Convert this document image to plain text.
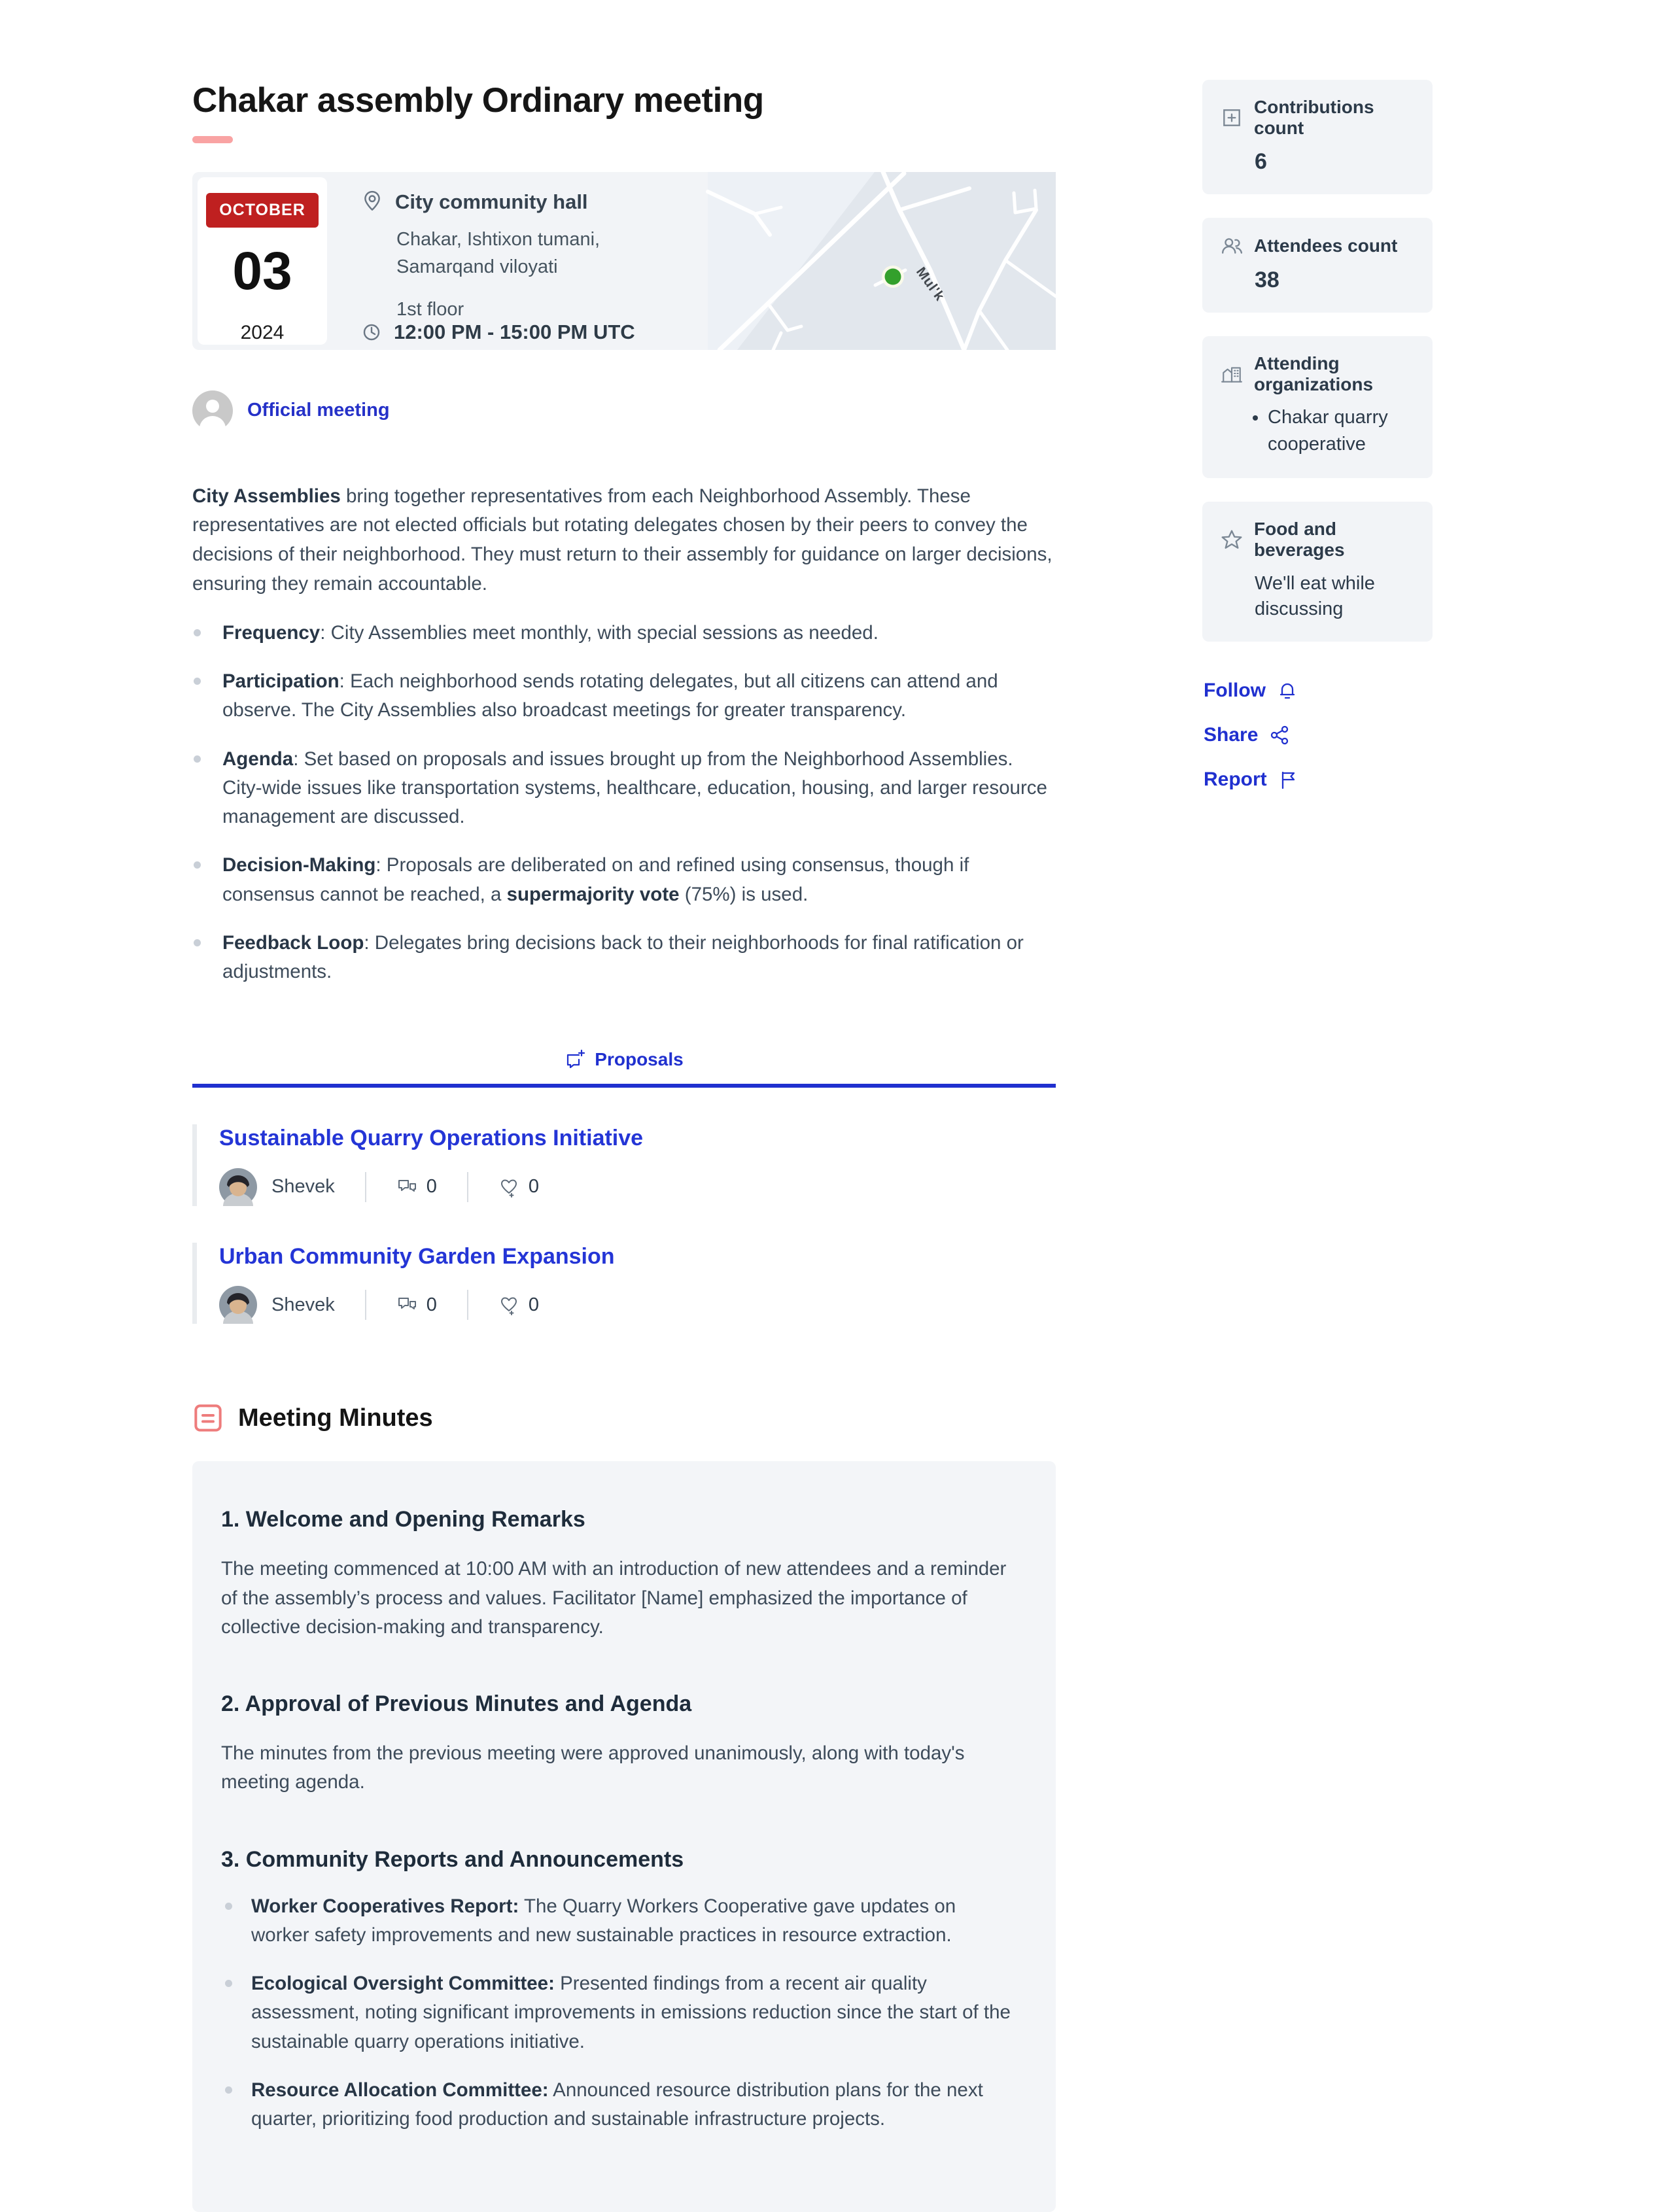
Chakar assembly Ordinary meeting
OCTOBER
03
2024
City community hall
Chakar, Ishtixon tumani, Samarqand viloyati
1st floor
12:00 PM - 15:00 PM UTC
Mul'k
Official meeting

City Assemblies bring together representatives from each Neighborhood Assembly. These representatives are not elected officials but rotating delegates chosen by their peers to convey the decisions of their neighborhood. They must return to their assembly for guidance on larger decisions, ensuring they remain accountable.

Frequency: City Assemblies meet monthly, with special sessions as needed.
Participation: Each neighborhood sends rotating delegates, but all citizens can attend and observe. The City Assemblies also broadcast meetings for greater transparency.
Agenda: Set based on proposals and issues brought up from the Neighborhood Assemblies. City-wide issues like transportation systems, healthcare, education, housing, and larger resource management are discussed.
Decision-Making: Proposals are deliberated on and refined using consensus, though if consensus cannot be reached, a supermajority vote (75%) is used.
Feedback Loop: Delegates bring decisions back to their neighborhoods for final ratification or adjustments.
Proposals
Sustainable Quarry Operations Initiative
Shevek	0	0
Urban Community Garden Expansion
Shevek	0	0
Meeting Minutes
1. Welcome and Opening Remarks

The meeting commenced at 10:00 AM with an introduction of new attendees and a reminder of the assembly’s process and values. Facilitator [Name] emphasized the importance of collective decision-making and transparency.

2. Approval of Previous Minutes and Agenda

The minutes from the previous meeting were approved unanimously, along with today's meeting agenda.

3. Community Reports and Announcements
Worker Cooperatives Report: The Quarry Workers Cooperative gave updates on worker safety improvements and new sustainable practices in resource extraction.
Ecological Oversight Committee: Presented findings from a recent air quality assessment, noting significant improvements in emissions reduction since the start of the sustainable quarry operations initiative.
Resource Allocation Committee: Announced resource distribution plans for the next quarter, prioritizing food production and sustainable infrastructure projects.
Contributions count
6
Attendees count
38
Attending organizations
• Chakar quarry cooperative
Food and beverages
We'll eat while discussing
Follow
Share
Report
